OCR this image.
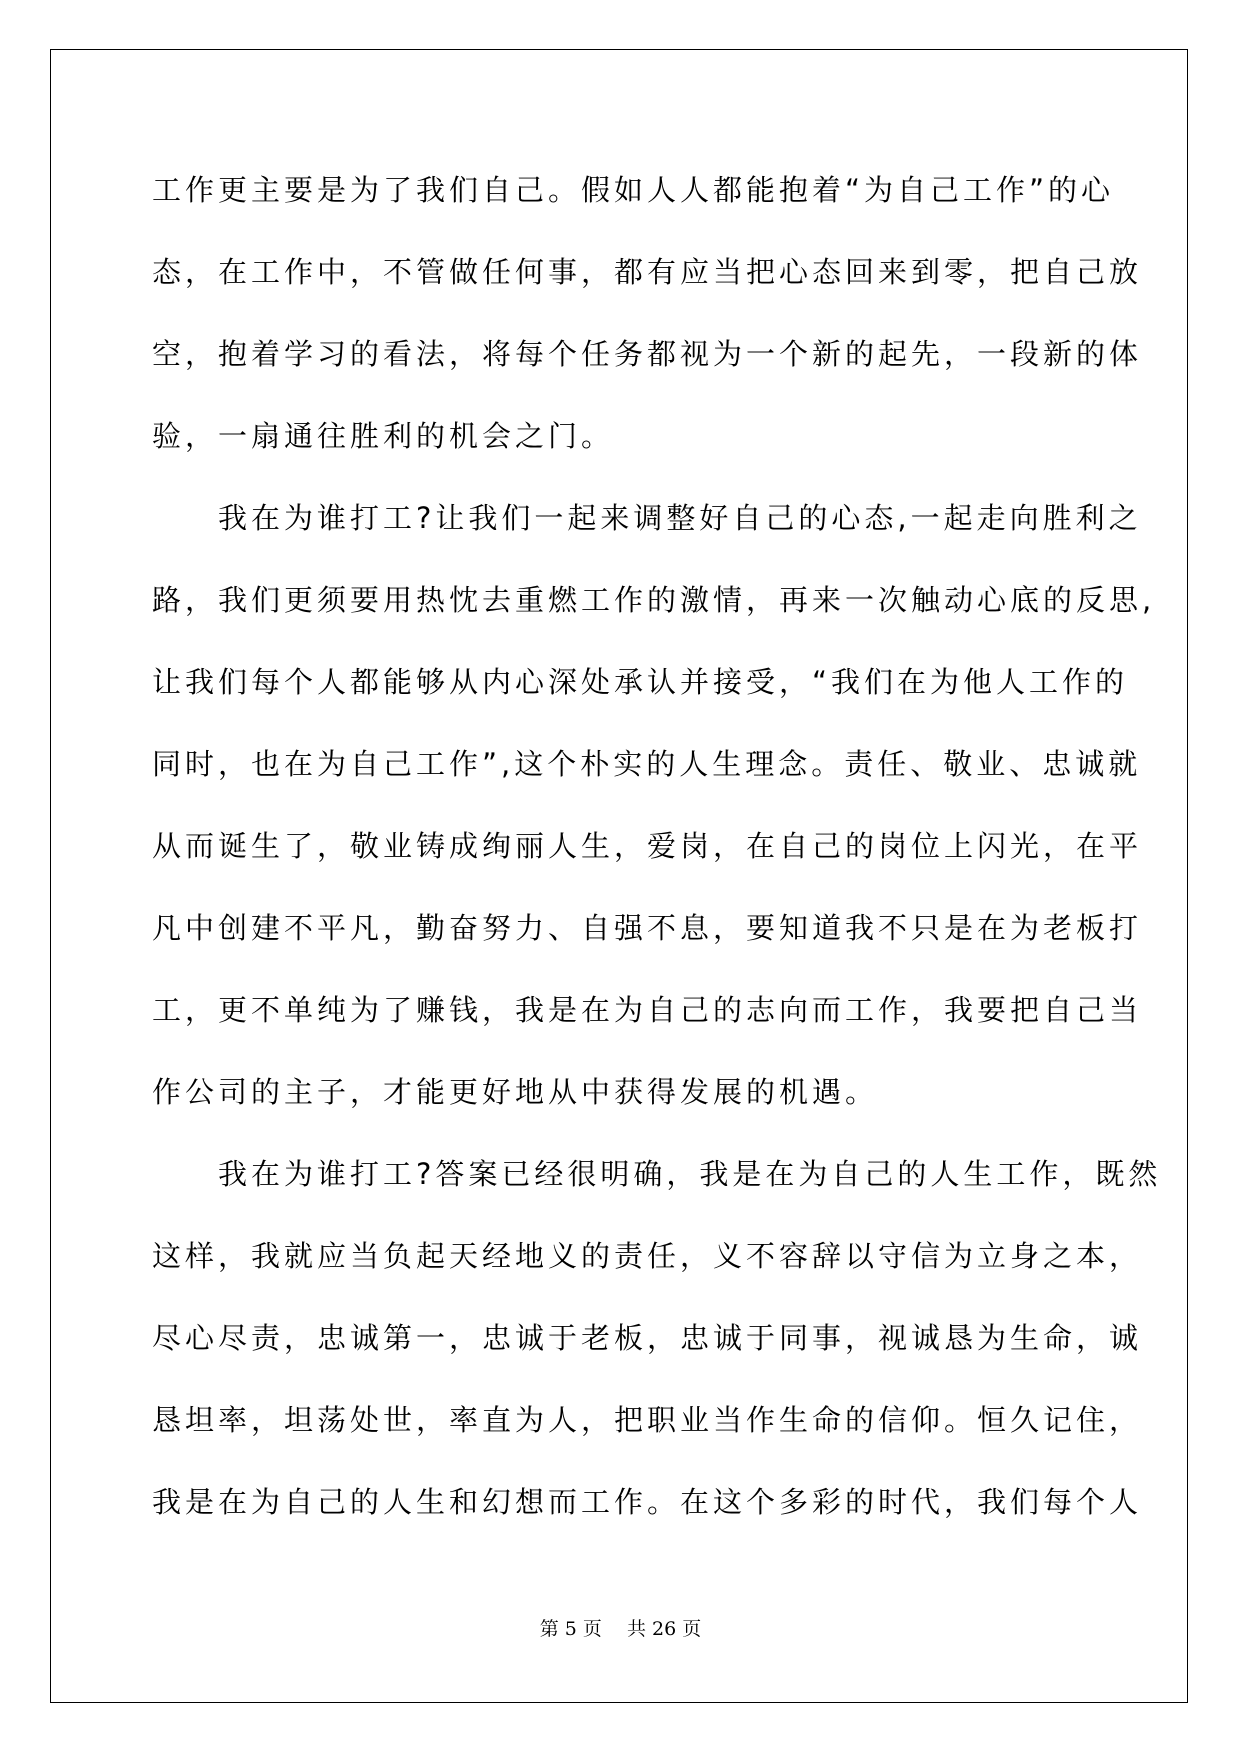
工作更主要是为了我们自己。假如人人都能抱着“为自己工作”的心
态，在工作中，不管做任何事，都有应当把心态回来到零，把自己放
空，抱着学习的看法，将每个任务都视为一个新的起先，一段新的体
验，一扇通往胜利的机会之门。
　　我在为谁打工?让我们一起来调整好自己的心态,一起走向胜利之
路，我们更须要用热忱去重燃工作的激情，再来一次触动心底的反思,
让我们每个人都能够从内心深处承认并接受，“我们在为他人工作的
同时，也在为自己工作”,这个朴实的人生理念。责任、敬业、忠诚就
从而诞生了，敬业铸成绚丽人生，爱岗，在自己的岗位上闪光，在平
凡中创建不平凡，勤奋努力、自强不息，要知道我不只是在为老板打
工，更不单纯为了赚钱，我是在为自己的志向而工作，我要把自己当
作公司的主子，才能更好地从中获得发展的机遇。
　　我在为谁打工?答案已经很明确，我是在为自己的人生工作，既然
这样，我就应当负起天经地义的责任，义不容辞以守信为立身之本，
尽心尽责，忠诚第一，忠诚于老板，忠诚于同事，视诚恳为生命，诚
恳坦率，坦荡处世，率直为人，把职业当作生命的信仰。恒久记住，
我是在为自己的人生和幻想而工作。在这个多彩的时代，我们每个人
第 5 页　 共 26 页
